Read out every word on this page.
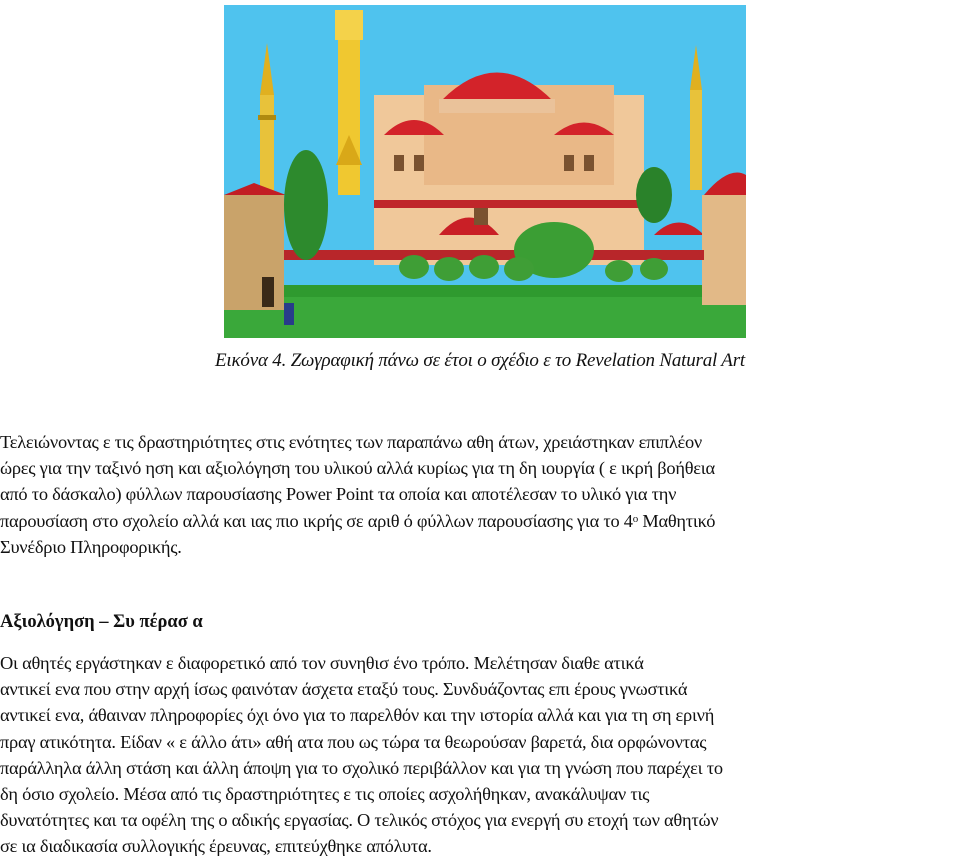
Εικόνα 4. Ζωγραφική πάνω σε έτοι ο σχέδιο ε το Revelation Natural Art
Τελειώνοντας ε τις δραστηριότητες στις ενότητες των παραπάνω αθη άτων, χρειάστηκαν επιπλέον
ώρες για την ταξινό ηση και αξιολόγηση του υλικού αλλά κυρίως για τη δη ιουργία ( ε ικρή βοήθεια
από το δάσκαλο) φύλλων παρουσίασης Power Point τα οποία και αποτέλεσαν το υλικό για την
παρουσίαση στο σχολείο αλλά και ιας πιο ικρής σε αριθ ό φύλλων παρουσίασης για το $4^o$ Μαθητικό
Συνέδριο Πληροφορικής.
Αξιολόγηση – Συ πέρασ α
Οι αθητές εργάστηκαν ε διαφορετικό από τον συνηθισ ένο τρόπο. Μελέτησαν διαθε ατικά
αντικεί ενα που στην αρχή ίσως φαινόταν άσχετα εταξύ τους. Συνδυάζοντας επι έρους γνωστικά
αντικεί ενα, άθαιναν πληροφορίες όχι όνο για το παρελθόν και την ιστορία αλλά και για τη ση ερινή
πραγ ατικότητα. Είδαν « ε άλλο άτι» αθή ατα που ως τώρα τα θεωρούσαν βαρετά, δια ορφώνοντας
παράλληλα άλλη στάση και άλλη άποψη για το σχολικό περιβάλλον και για τη γνώση που παρέχει το
δη όσιο σχολείο. Μέσα από τις δραστηριότητες ε τις οποίες ασχολήθηκαν, ανακάλυψαν τις
δυνατότητες και τα οφέλη της ο αδικής εργασίας. Ο τελικός στόχος για ενεργή συ ετοχή των αθητών
σε ια διαδικασία συλλογικής έρευνας, επιτεύχθηκε απόλυτα.
